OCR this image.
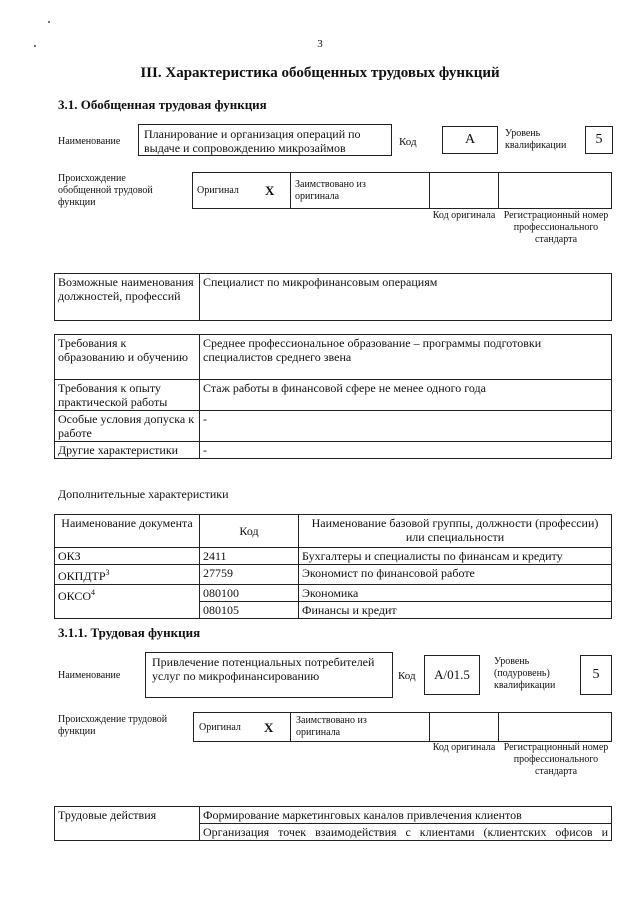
3
III. Характеристика обобщенных трудовых функций
3.1. Обобщенная трудовая функция
Наименование
Планирование и организация операций по выдаче и сопровождению микрозаймов	Код	А	Уровень квалификации	5
Происхождение обобщенной трудовой функции
Оригинал X Заимствовано из оригинала
Код оригинала Регистрационный номер профессионального стандарта
Возможные наименования должностей, профессий	Специалист по микрофинансовым операциям
Требования к образованию и обучению	Среднее профессиональное образование – программы подготовки специалистов среднего звена
Требования к опыту практической работы	Стаж работы в финансовой сфере не менее одного года
Особые условия допуска к работе	-
Другие характеристики	-
Дополнительные характеристики
Наименование документа	Код	Наименование базовой группы, должности (профессии) или специальности
ОКЗ	2411	Бухгалтеры и специалисты по финансам и кредиту
ОКПДТР$^3$	27759	Экономист по финансовой работе
ОКСО$^4$	080100	Экономика
	080105	Финансы и кредит
3.1.1. Трудовая функция
Наименование
Привлечение потенциальных потребителей услуг по микрофинансированию	Код	А/01.5
Уровень (подуровень) квалификации
5
Происхождение трудовой функции	Оригинал X Заимствовано из оригинала
Код оригинала Регистрационный номер профессионального стандарта
Трудовые действия	Формирование маркетинговых каналов привлечения клиентов
Организация точек взаимодействия с клиентами (клиентских офисов и
